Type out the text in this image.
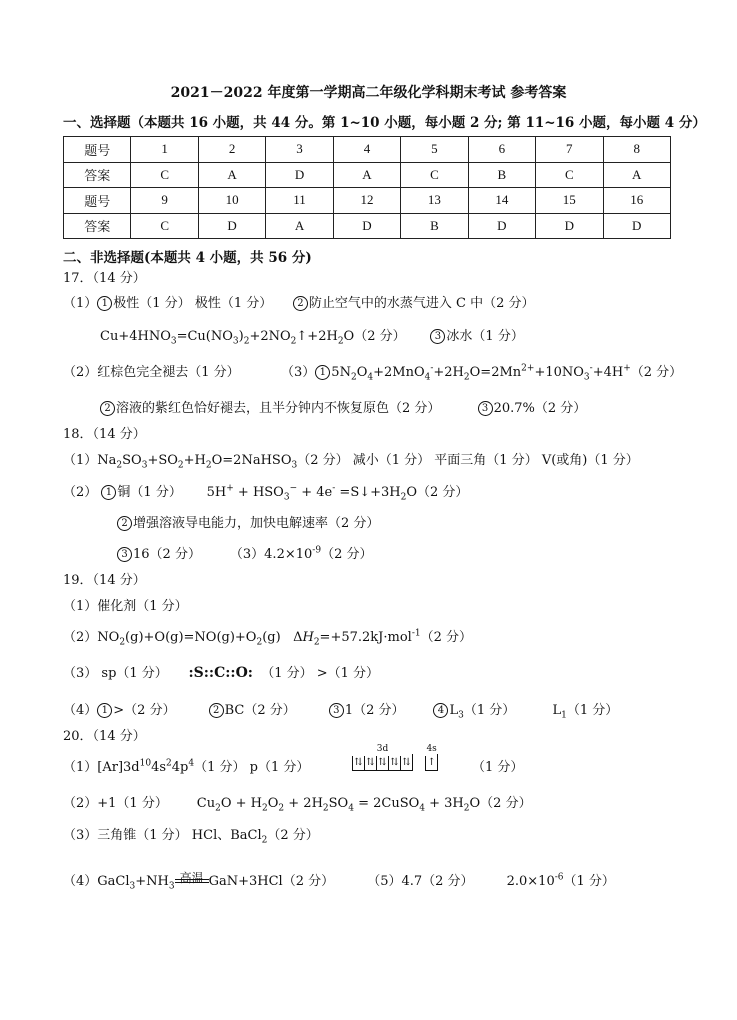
2021－2022 年度第一学期高二年级化学科期末考试 参考答案
一、选择题（本题共 16 小题，共 44 分。第 1~10 小题，每小题 2 分; 第 11~16 小题，每小题 4 分）
题号	1	2	3	4	5	6	7	8
答案	C	A	D	A	C	B	C	A
题号	9	10	11	12	13	14	15	16
答案	C	D	A	D	B	D	D	D
二、非选择题(本题共 4 小题，共 56 分)
17．（14 分）
（1） 1 极性（1 分） 极性（1 分） 2 防止空气中的水蒸气进入 C 中（2 分）
$Cu+4HNO_3=Cu(NO_3)_2+2NO_2↑+2H_2O(2$ 分）	3 冰水（1 分）
（2）红棕色完全褪去（1 分）	（3） 1 $5N_2O_4+2MnO_4^-+2H_2O=2Mn^{2+}+10NO_3^-+4H^+(2$ 分）
2 溶液的紫红色恰好褪去，且半分钟内不恢复原色（2 分）	3 20.7%（2 分）
18．（14 分）
$(1)Na_2SO_3+SO_2+H_2O=2NaHSO_3(2$ 分） 减小（1 分） 平面三角（1 分） V(或角)（1 分）
（2） 1 铜（1 分） $5H^+ + HSO_3^- + 4e^-$ $=S↓+3H_2O(2$ 分）
2 增强溶液导电能力，加快电解速率（2 分）
3 16（2 分） $(3)4.2\times 10^{-9}(2$ 分）
19．（14 分）
（1）催化剂（1 分）
$(2)NO_2(g)+O(g)=NO(g)+O_2(g)$   $\Delta H_2=+57.2kJ\cdot mol^{-1}(2$ 分）
（3） sp（1 分） :S::C::O: （1 分） >（1 分）
（4） 1 >（2 分）	2 BC（2 分）	3 1（2 分）	4 $L_3(1$ 分）	$L_1(1$ 分）
20．（14 分）
$(1)[Ar]3d^{10}4s^24p^4(1$ 分） p（1 分）
3d
⇅ ⇅ ⇅ ⇅ ⇅
4s
↑	（1 分）
（2）+1（1 分） $Cu_2O + H_2O_2 + 2H_2SO_4$ = 2CuSO$_4$ + $3H_2O(2$ 分）
（3）三角锥（1 分） HCl、BaCl$_2$（2 分）
$(4)GaCl_3+NH_3$
高温 GaN+3HCl（2 分）	（5）4.7（2 分）	$2.0\times 10^{-6}(1$ 分）
